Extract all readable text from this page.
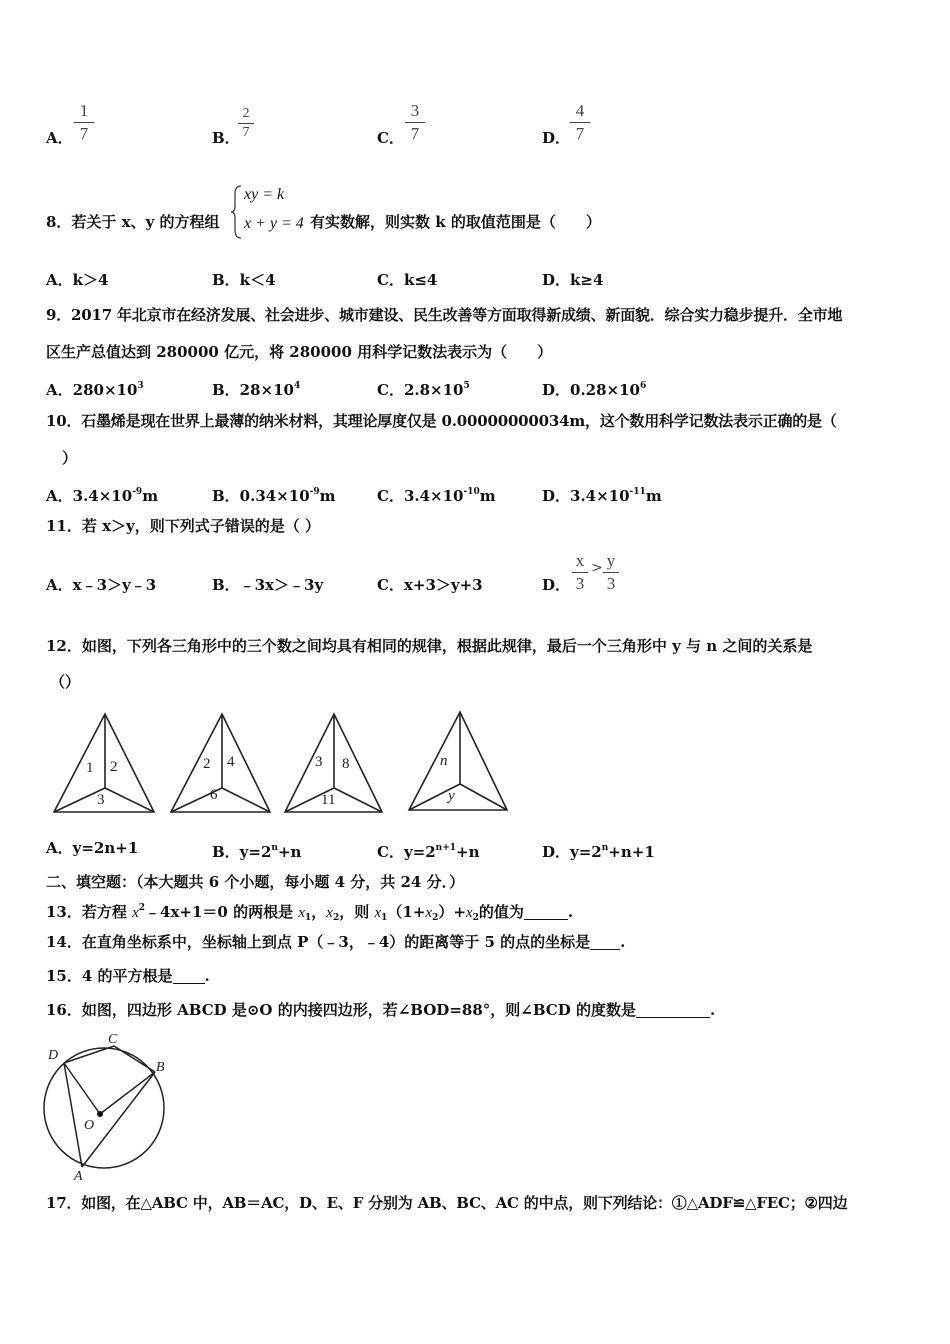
A．
1
7	B．
2
7	C．
3
7	D．
4
7
8．若关于 x、y 的方程组
xy = k
x + y = 4 有实数解，则实数 k 的取值范围是（　　）
A．k＞4	B．k＜4	C．k≤4	D．k≥4
9．2017 年北京市在经济发展、社会进步、城市建设、民生改善等方面取得新成绩、新面貌．综合实力稳步提升．全市地
区生产总值达到 280000 亿元，将 280000 用科学记数法表示为（　　）
A．$280\times 10^3$	B．$28\times 10^4$	C．$2.8\times 10^5$	D．$0.28\times 10^6$
10．石墨烯是现在世界上最薄的纳米材料，其理论厚度仅是 0.00000000034m，这个数用科学记数法表示正确的是（
）
A．$3.4\times 10^{-9}m$	B．$0.34\times 10^{-9}m$	C．$3.4\times 10^{-10}m$	D．$3.4\times 10^{-11}m$
11．若 x＞y，则下列式子错误的是（ ）
A．x﹣3＞y﹣3	B．﹣3x＞﹣3y	C．x+3＞y+3	D．
x
3
> y
3
12．如图，下列各三角形中的三个数之间均具有相同的规律，根据此规律，最后一个三角形中 y 与 n 之间的关系是
（）
1 2
3
2 4
6
3 8
11
n
y
A．y=2n+1	B．$y=2^n+n$	C．$y=2^{n+1}+n$	D．$y=2^n+n+1$
二、填空题：（本大题共 6 个小题，每小题 4 分，共 24 分．）
13．若方程 $x^2﹣4x+1=0$ 的两根是 $x_1$，$x_2$，则 $x_1(1+x_2)+x_2$的值为	.
14．在直角坐标系中，坐标轴上到点 P（﹣3，﹣4）的距离等于 5 的点的坐标是 .
15．4 的平方根是 .
16．如图，四边形 ABCD 是⊙O 的内接四边形，若∠BOD=88°，则∠BCD 的度数是	.
D
C
B
A
O
17．如图，在△ABC 中，AB＝AC，D、E、F 分别为 AB、BC、AC 的中点，则下列结论：①△ADF≌△FEC；②四边
